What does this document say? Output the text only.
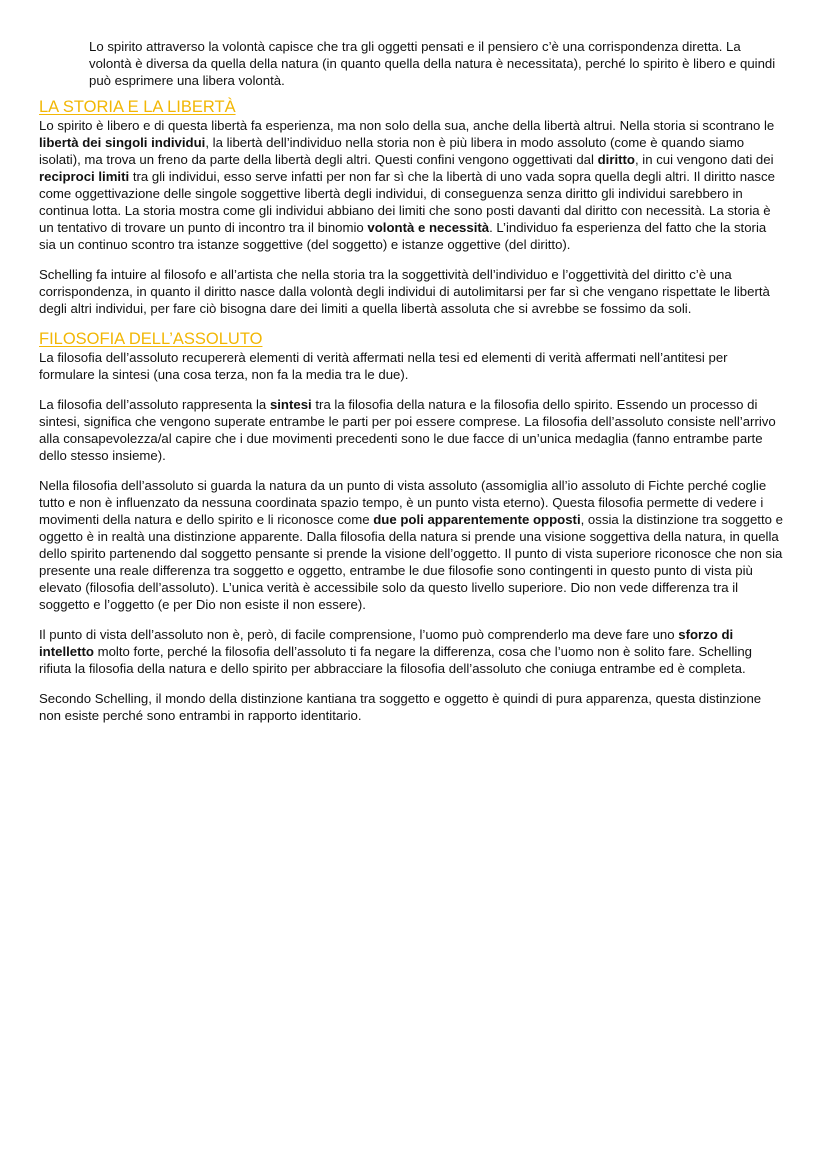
Lo spirito attraverso la volontà capisce che tra gli oggetti pensati e il pensiero c’è una corrispondenza diretta. La volontà è diversa da quella della natura (in quanto quella della natura è necessitata), perché lo spirito è libero e quindi può esprimere una libera volontà.

LA STORIA E LA LIBERTÀ

Lo spirito è libero e di questa libertà fa esperienza, ma non solo della sua, anche della libertà altrui. Nella storia si scontrano le libertà dei singoli individui, la libertà dell’individuo nella storia non è più libera in modo assoluto (come è quando siamo isolati), ma trova un freno da parte della libertà degli altri. Questi confini vengono oggettivati dal diritto, in cui vengono dati dei reciproci limiti tra gli individui, esso serve infatti per non far sì che la libertà di uno vada sopra quella degli altri. Il diritto nasce come oggettivazione delle singole soggettive libertà degli individui, di conseguenza senza diritto gli individui sarebbero in continua lotta. La storia mostra come gli individui abbiano dei limiti che sono posti davanti dal diritto con necessità. La storia è un tentativo di trovare un punto di incontro tra il binomio volontà e necessità. L’individuo fa esperienza del fatto che la storia sia un continuo scontro tra istanze soggettive (del soggetto) e istanze oggettive (del diritto).

Schelling fa intuire al filosofo e all’artista che nella storia tra la soggettività dell’individuo e l’oggettività del diritto c’è una corrispondenza, in quanto il diritto nasce dalla volontà degli individui di autolimitarsi per far sì che vengano rispettate le libertà degli altri individui, per fare ciò bisogna dare dei limiti a quella libertà assoluta che si avrebbe se fossimo da soli.

FILOSOFIA DELL’ASSOLUTO

La filosofia dell’assoluto recupererà elementi di verità affermati nella tesi ed elementi di verità affermati nell’antitesi per formulare la sintesi (una cosa terza, non fa la media tra le due).

La filosofia dell’assoluto rappresenta la sintesi tra la filosofia della natura e la filosofia dello spirito. Essendo un processo di sintesi, significa che vengono superate entrambe le parti per poi essere comprese. La filosofia dell’assoluto consiste nell’arrivo alla consapevolezza/al capire che i due movimenti precedenti sono le due facce di un’unica medaglia (fanno entrambe parte dello stesso insieme).

Nella filosofia dell’assoluto si guarda la natura da un punto di vista assoluto (assomiglia all’io assoluto di Fichte perché coglie tutto e non è influenzato da nessuna coordinata spazio tempo, è un punto vista eterno). Questa filosofia permette di vedere i movimenti della natura e dello spirito e li riconosce come due poli apparentemente opposti, ossia la distinzione tra soggetto e oggetto è in realtà una distinzione apparente. Dalla filosofia della natura si prende una visione soggettiva della natura, in quella dello spirito partenendo dal soggetto pensante si prende la visione dell’oggetto. Il punto di vista superiore riconosce che non sia presente una reale differenza tra soggetto e oggetto, entrambe le due filosofie sono contingenti in questo punto di vista più elevato (filosofia dell’assoluto). L’unica verità è accessibile solo da questo livello superiore. Dio non vede differenza tra il soggetto e l’oggetto (e per Dio non esiste il non essere).

Il punto di vista dell’assoluto non è, però, di facile comprensione, l’uomo può comprenderlo ma deve fare uno sforzo di intelletto molto forte, perché la filosofia dell’assoluto ti fa negare la differenza, cosa che l’uomo non è solito fare. Schelling rifiuta la filosofia della natura e dello spirito per abbracciare la filosofia dell’assoluto che coniuga entrambe ed è completa.

Secondo Schelling, il mondo della distinzione kantiana tra soggetto e oggetto è quindi di pura apparenza, questa distinzione non esiste perché sono entrambi in rapporto identitario.
